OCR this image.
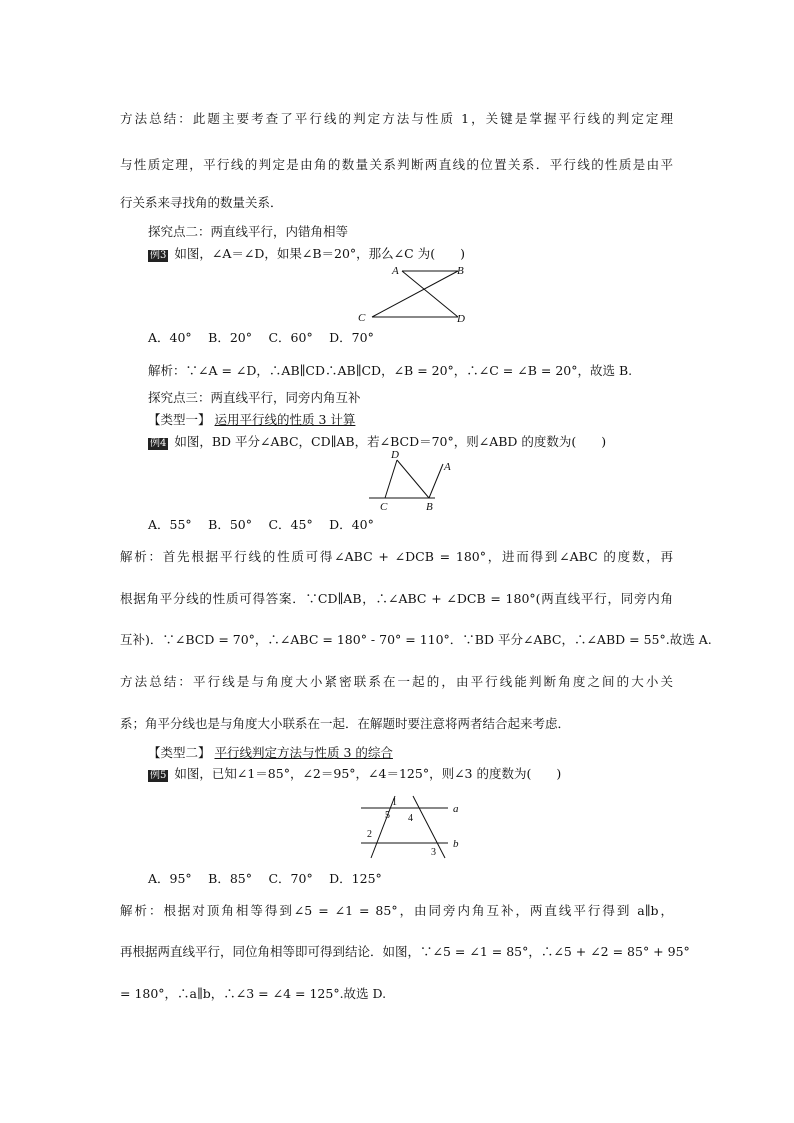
方法总结：此题主要考查了平行线的判定方法与性质 1，关键是掌握平行线的判定定理
与性质定理，平行线的判定是由角的数量关系判断两直线的位置关系．平行线的性质是由平
行关系来寻找角的数量关系．
探究点二：两直线平行，内错角相等
例3 如图，∠A＝∠D，如果∠B＝20°，那么∠C 为(　　)
A	B
C	D
A．40°　 B．20°　 C．60°　 D．70°
解析：∵∠A = ∠D，∴AB∥CD∴AB∥CD，∠B = 20°，∴∠C = ∠B = 20°，故选 B.
探究点三：两直线平行，同旁内角互补
【类型一】 运用平行线的性质 3 计算
例4 如图，BD 平分∠ABC，CD∥AB，若∠BCD＝70°，则∠ABD 的度数为(　　)
D
A
C	B
A．55°　 B．50°　 C．45°　 D．40°
解析：首先根据平行线的性质可得∠ABC + ∠DCB = 180°，进而得到∠ABC 的度数，再
根据角平分线的性质可得答案．∵CD∥AB，∴∠ABC + ∠DCB = 180°(两直线平行，同旁内角
互补)．∵∠BCD = 70°，∴∠ABC = 180° - 70° = 110°．∵BD 平分∠ABC，∴∠ABD = 55°.故选 A.
方法总结：平行线是与角度大小紧密联系在一起的，由平行线能判断角度之间的大小关
系；角平分线也是与角度大小联系在一起．在解题时要注意将两者结合起来考虑．
【类型二】 平行线判定方法与性质 3 的综合
例5 如图，已知∠1＝85°，∠2＝95°，∠4＝125°，则∠3 的度数为(　　)
a
b
1
2
3
4
5
A．95°　 B．85°　 C．70°　 D．125°
解析：根据对顶角相等得到∠5 = ∠1 = 85°，由同旁内角互补，两直线平行得到 a∥b，
再根据两直线平行，同位角相等即可得到结论．如图，∵∠5 = ∠1 = 85°，∴∠5 + ∠2 = 85° + 95°
= 180°，∴a∥b，∴∠3 = ∠4 = 125°.故选 D.
